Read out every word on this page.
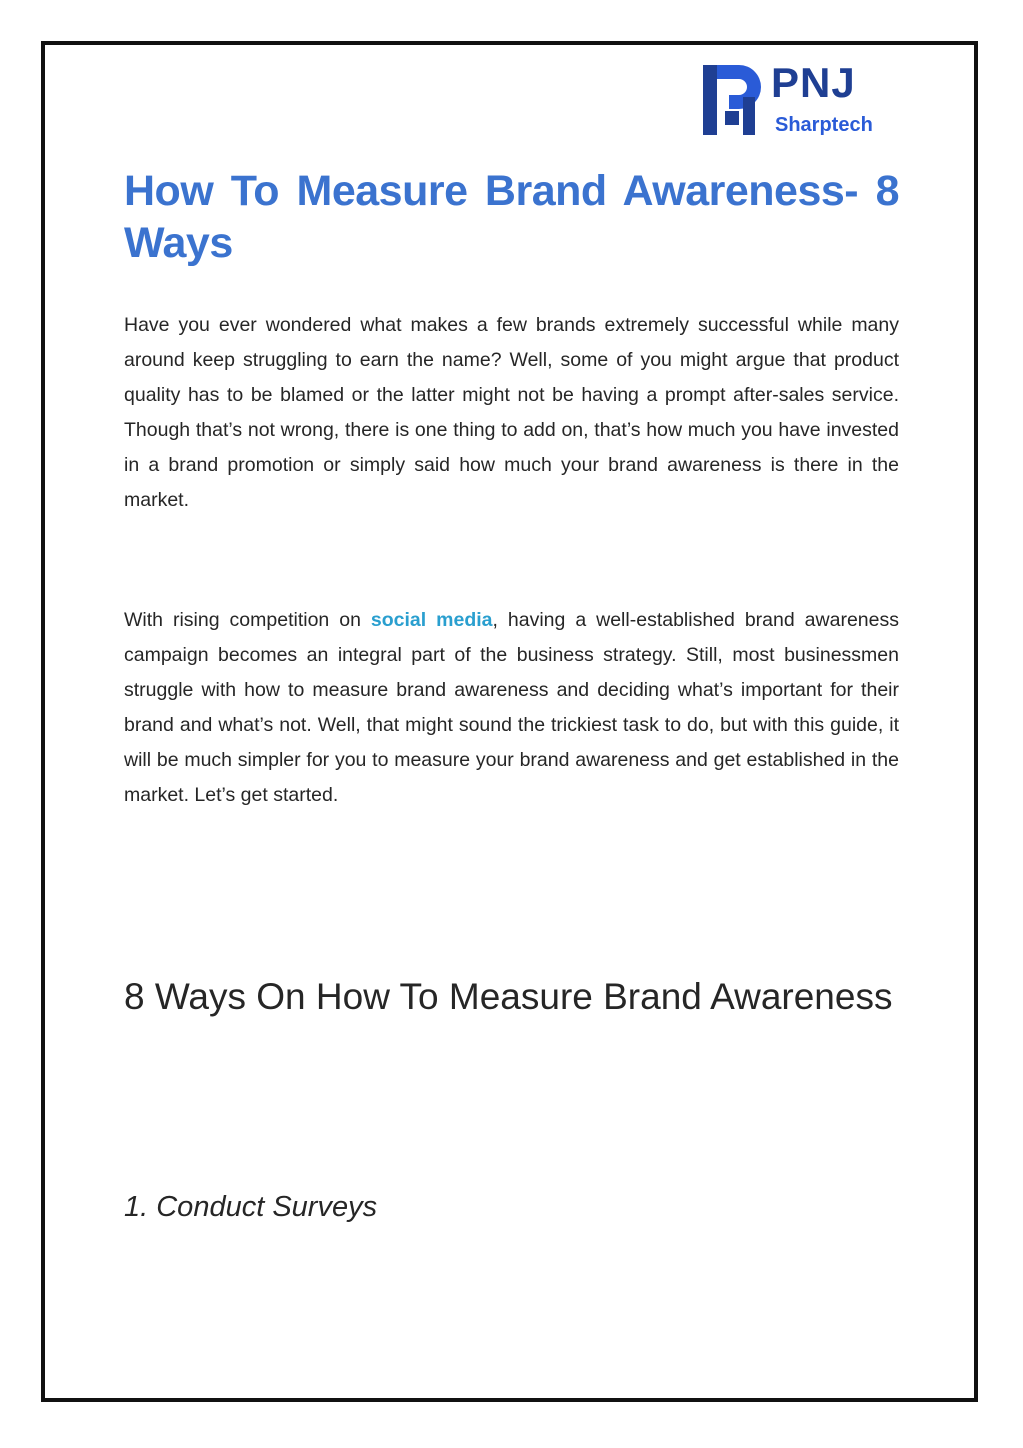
PNJ
Sharptech
How To Measure Brand Awareness- 8 Ways

Have you ever wondered what makes a few brands extremely successful while many around keep struggling to earn the name? Well, some of you might argue that product quality has to be blamed or the latter might not be having a prompt after-sales service. Though that’s not wrong, there is one thing to add on, that’s how much you have invested in a brand promotion or simply said how much your brand awareness is there in the market.

With rising competition on social media, having a well-established brand awareness campaign becomes an integral part of the business strategy. Still, most businessmen struggle with how to measure brand awareness and deciding what’s important for their brand and what’s not. Well, that might sound the trickiest task to do, but with this guide, it will be much simpler for you to measure your brand awareness and get established in the market. Let’s get started.

8 Ways On How To Measure Brand Awareness
1. Conduct Surveys
